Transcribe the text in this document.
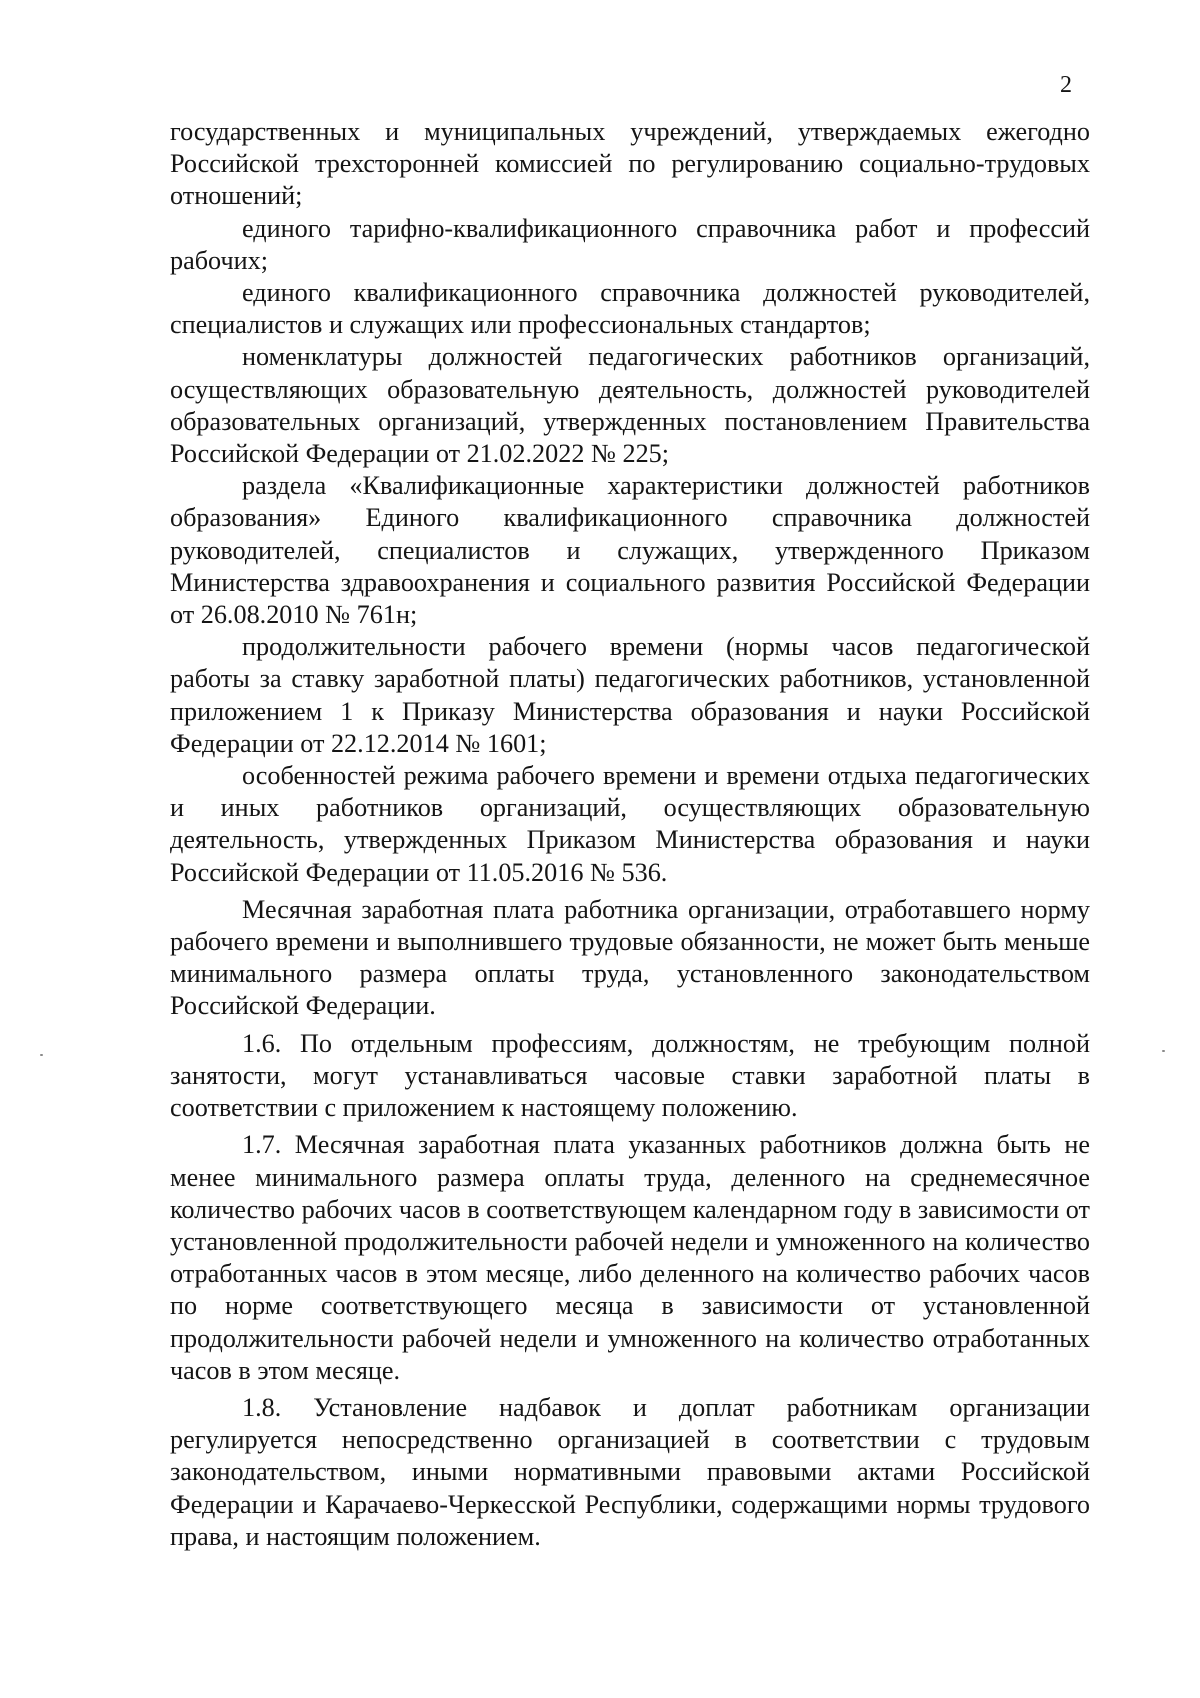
2

государственных и муниципальных учреждений, утверждаемых ежегодно Российской трехсторонней комиссией по регулированию социально-трудовых отношений;

единого тарифно-квалификационного справочника работ и профессий рабочих;

единого квалификационного справочника должностей руководителей, специалистов и служащих или профессиональных стандартов;

номенклатуры должностей педагогических работников организаций, осуществляющих образовательную деятельность, должностей руководителей образовательных организаций, утвержденных постановлением Правительства Российской Федерации от 21.02.2022 № 225;

раздела «Квалификационные характеристики должностей работников образования» Единого квалификационного справочника должностей руководителей, специалистов и служащих, утвержденного Приказом Министерства здравоохранения и социального развития Российской Федерации от 26.08.2010 № 761н;

продолжительности рабочего времени (нормы часов педагогической работы за ставку заработной платы) педагогических работников, установленной приложением 1 к Приказу Министерства образования и науки Российской Федерации от 22.12.2014 № 1601;

особенностей режима рабочего времени и времени отдыха педагогических и иных работников организаций, осуществляющих образовательную деятельность, утвержденных Приказом Министерства образования и науки Российской Федерации от 11.05.2016 № 536.

Месячная заработная плата работника организации, отработавшего норму рабочего времени и выполнившего трудовые обязанности, не может быть меньше минимального размера оплаты труда, установленного законодательством Российской Федерации.

1.6. По отдельным профессиям, должностям, не требующим полной занятости, могут устанавливаться часовые ставки заработной платы в соответствии с приложением к настоящему положению.

1.7. Месячная заработная плата указанных работников должна быть не менее минимального размера оплаты труда, деленного на среднемесячное количество рабочих часов в соответствующем календарном году в зависимости от установленной продолжительности рабочей недели и умноженного на количество отработанных часов в этом месяце, либо деленного на количество рабочих часов по норме соответствующего месяца в зависимости от установленной продолжительности рабочей недели и умноженного на количество отработанных часов в этом месяце.

1.8. Установление надбавок и доплат работникам организации регулируется непосредственно организацией в соответствии с трудовым законодательством, иными нормативными правовыми актами Российской Федерации и Карачаево-Черкесской Республики, содержащими нормы трудового права, и настоящим положением.
